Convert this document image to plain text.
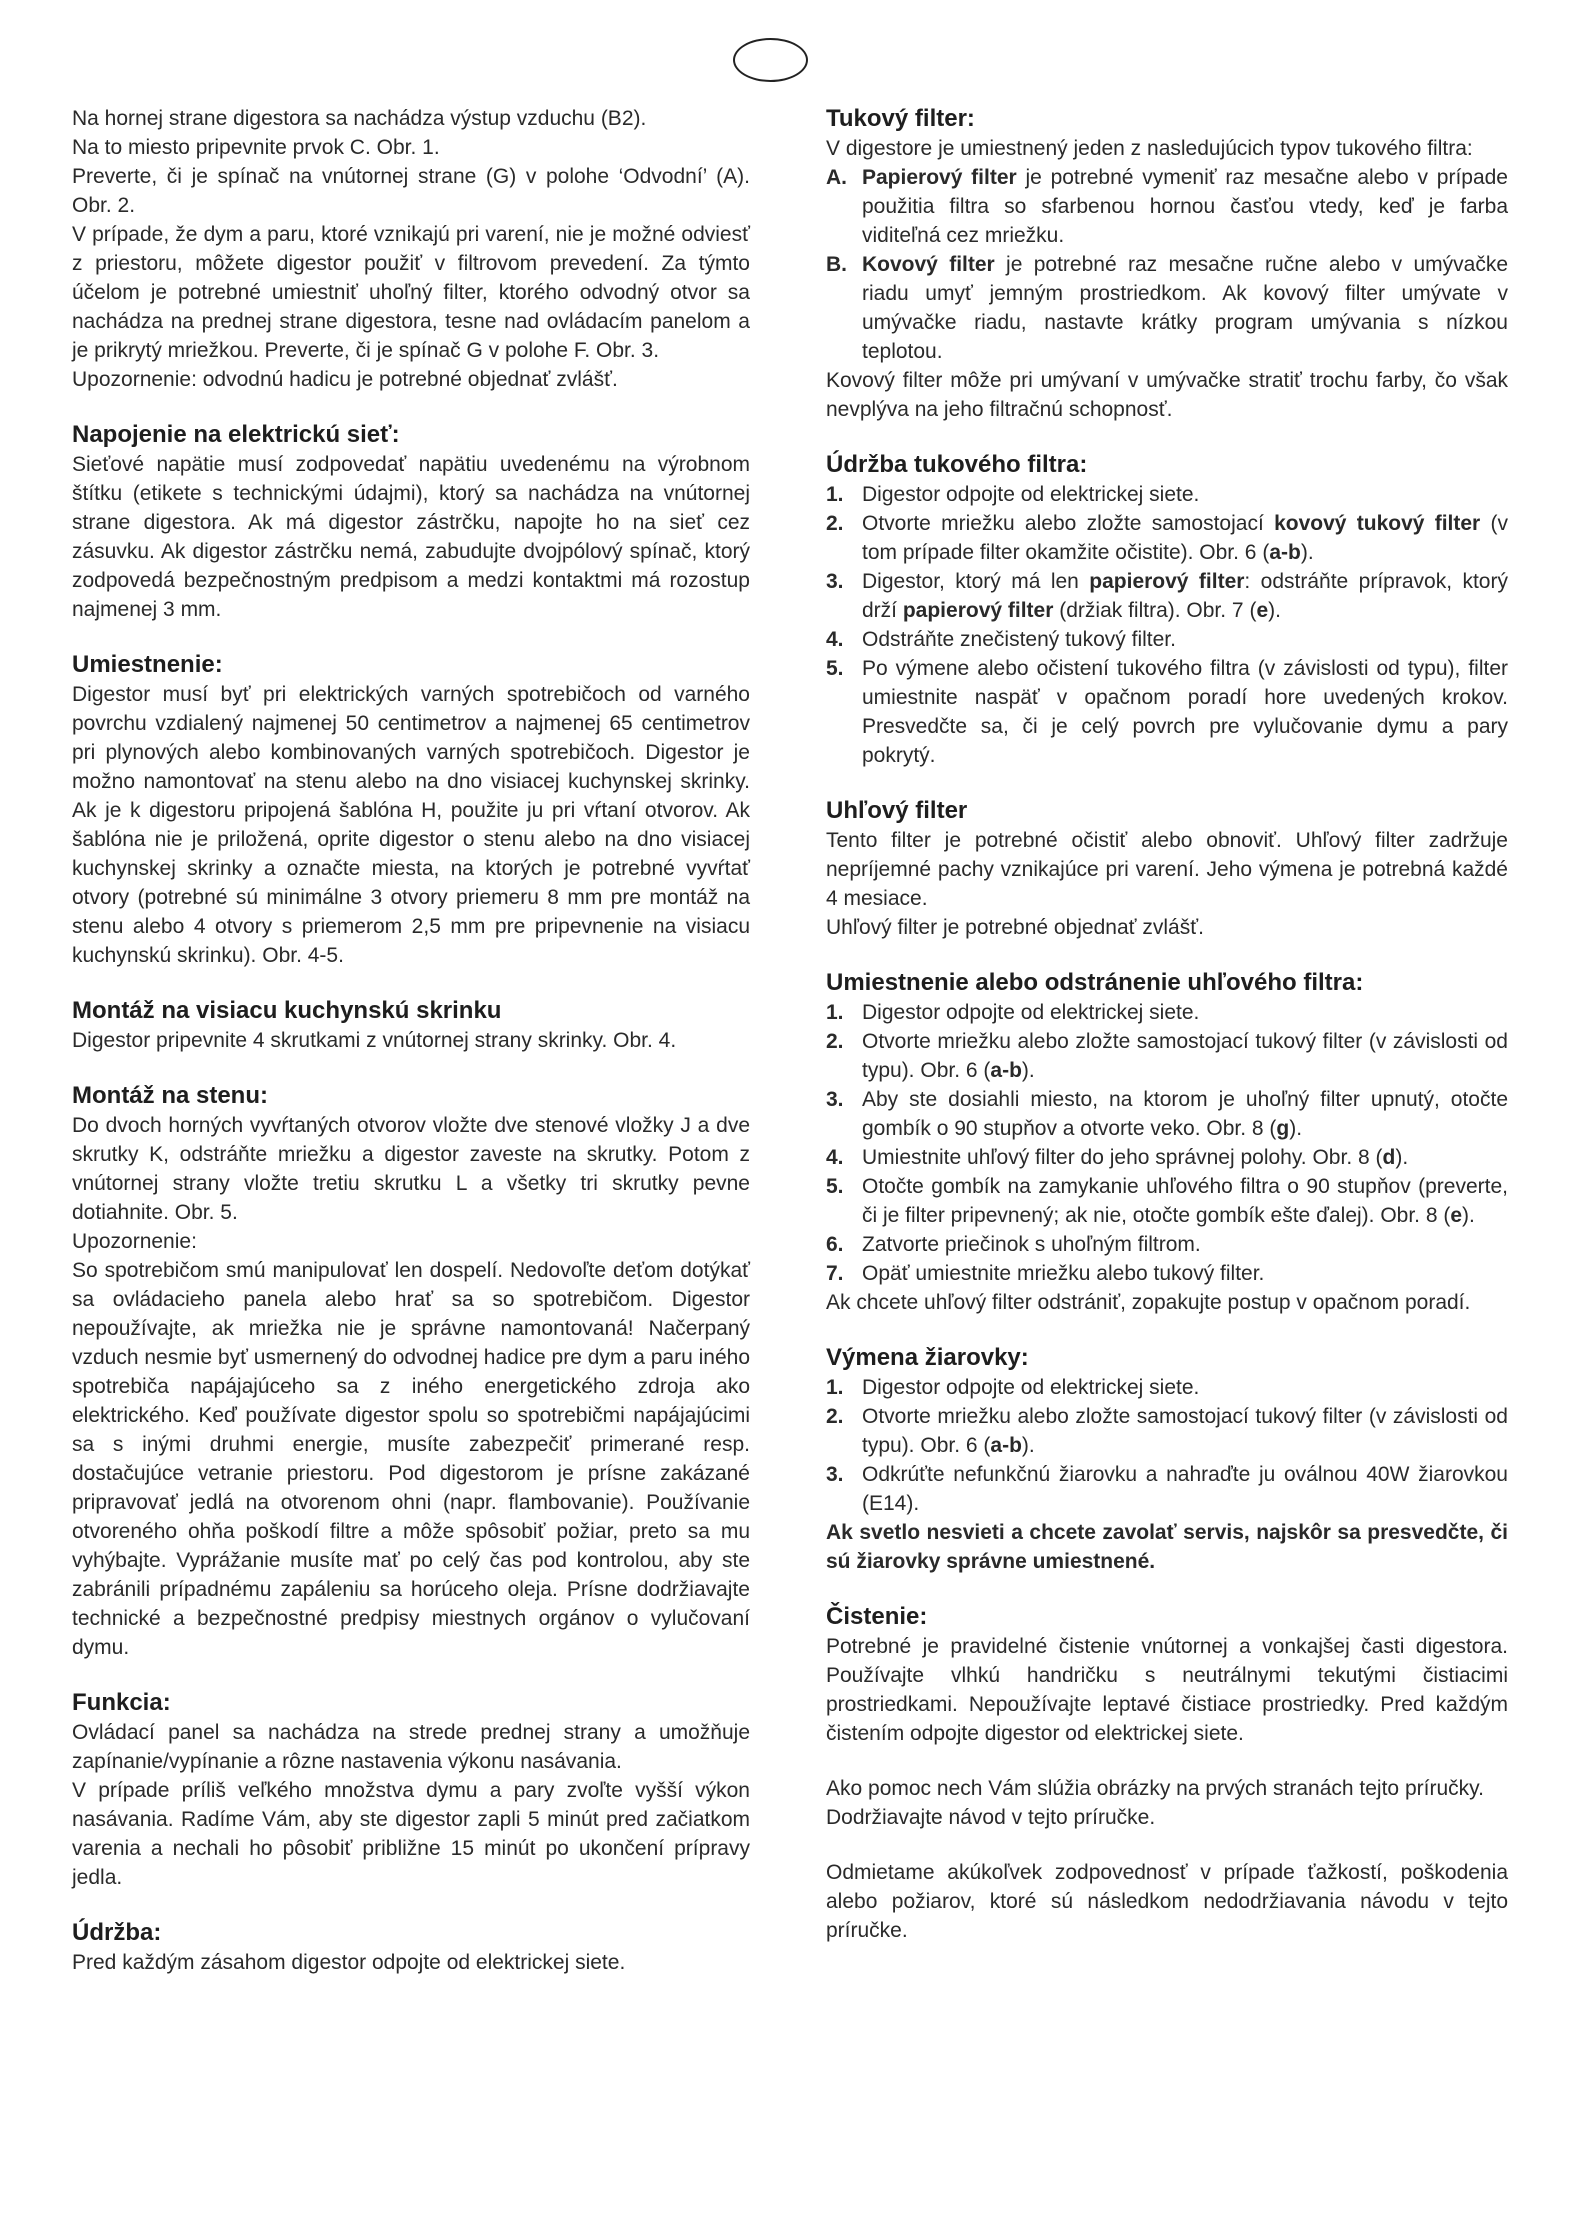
Na hornej strane digestora sa nachádza výstup vzduchu (B2).

Na to miesto pripevnite prvok C. Obr. 1.

Preverte, či je spínač na vnútornej strane (G) v polohe ‘Odvodní’ (A). Obr. 2.

V prípade, že dym a paru, ktoré vznikajú pri varení, nie je možné odviesť z priestoru, môžete digestor použiť v filtrovom prevedení. Za týmto účelom je potrebné umiestniť uhoľný filter, ktorého odvodný otvor sa nachádza na prednej strane digestora, tesne nad ovládacím panelom a je prikrytý mriežkou. Preverte, či je spínač G v polohe F. Obr. 3.

Upozornenie: odvodnú hadicu je potrebné objednať zvlášť.

Napojenie na elektrickú sieť:

Sieťové napätie musí zodpovedať napätiu uvedenému na výrobnom štítku (etikete s technickými údajmi), ktorý sa nachádza na vnútornej strane digestora. Ak má digestor zástrčku, napojte ho na sieť cez zásuvku. Ak digestor zástrčku nemá, zabudujte dvojpólový spínač, ktorý zodpovedá bezpečnostným predpisom a medzi kontaktmi má rozostup najmenej 3 mm.

Umiestnenie:

Digestor musí byť pri elektrických varných spotrebičoch od varného povrchu vzdialený najmenej 50 centimetrov a najmenej 65 centimetrov pri plynových alebo kombinovaných varných spotrebičoch. Digestor je možno namontovať na stenu alebo na dno visiacej kuchynskej skrinky. Ak je k digestoru pripojená šablóna H, použite ju pri vŕtaní otvorov. Ak šablóna nie je priložená, oprite digestor o stenu alebo na dno visiacej kuchynskej skrinky a označte miesta, na ktorých je potrebné vyvŕtať otvory (potrebné sú minimálne 3 otvory priemeru 8 mm pre montáž na stenu alebo 4 otvory s priemerom 2,5 mm pre pripevnenie na visiacu kuchynskú skrinku). Obr. 4-5.

Montáž na visiacu kuchynskú skrinku

Digestor pripevnite 4 skrutkami z vnútornej strany skrinky. Obr. 4.

Montáž na stenu:

Do dvoch horných vyvŕtaných otvorov vložte dve stenové vložky J a dve skrutky K, odstráňte mriežku a digestor zaveste na skrutky. Potom z vnútornej strany vložte tretiu skrutku L a všetky tri skrutky pevne dotiahnite. Obr. 5.

Upozornenie:

So spotrebičom smú manipulovať len dospelí. Nedovoľte deťom dotýkať sa ovládacieho panela alebo hrať sa so spotrebičom. Digestor nepoužívajte, ak mriežka nie je správne namontovaná! Načerpaný vzduch nesmie byť usmernený do odvodnej hadice pre dym a paru iného spotrebiča napájajúceho sa z iného energetického zdroja ako elektrického. Keď používate digestor spolu so spotrebičmi napájajúcimi sa s inými druhmi energie, musíte zabezpečiť primerané resp. dostačujúce vetranie priestoru. Pod digestorom je prísne zakázané pripravovať jedlá na otvorenom ohni (napr. flambovanie). Používanie otvoreného ohňa poškodí filtre a môže spôsobiť požiar, preto sa mu vyhýbajte. Vyprážanie musíte mať po celý čas pod kontrolou, aby ste zabránili prípadnému zapáleniu sa horúceho oleja. Prísne dodržiavajte technické a bezpečnostné predpisy miestnych orgánov o vylučovaní dymu.

Funkcia:

Ovládací panel sa nachádza na strede prednej strany a umožňuje zapínanie/vypínanie a rôzne nastavenia výkonu nasávania.

V prípade príliš veľkého množstva dymu a pary zvoľte vyšší výkon nasávania. Radíme Vám, aby ste digestor zapli 5 minút pred začiatkom varenia a nechali ho pôsobiť približne 15 minút po ukončení prípravy jedla.

Údržba:

Pred každým zásahom digestor odpojte od elektrickej siete.

Tukový filter:

V digestore je umiestnený jeden z nasledujúcich typov tukového filtra:

A. Papierový filter je potrebné vymeniť raz mesačne alebo v prípade použitia filtra so sfarbenou hornou časťou vtedy, keď je farba viditeľná cez mriežku.
B. Kovový filter je potrebné raz mesačne ručne alebo v umývačke riadu umyť jemným prostriedkom. Ak kovový filter umývate v umývačke riadu, nastavte krátky program umývania s nízkou teplotou.

Kovový filter môže pri umývaní v umývačke stratiť trochu farby, čo však nevplýva na jeho filtračnú schopnosť.

Údržba tukového filtra:
1. Digestor odpojte od elektrickej siete.
2. Otvorte mriežku alebo zložte samostojací kovový tukový filter (v tom prípade filter okamžite očistite). Obr. 6 (a-b).
3. Digestor, ktorý má len papierový filter: odstráňte prípravok, ktorý drží papierový filter (držiak filtra). Obr. 7 (e).
4. Odstráňte znečistený tukový filter.
5. Po výmene alebo očistení tukového filtra (v závislosti od typu), filter umiestnite naspäť v opačnom poradí hore uvedených krokov. Presvedčte sa, či je celý povrch pre vylučovanie dymu a pary pokrytý.
Uhľový filter

Tento filter je potrebné očistiť alebo obnoviť. Uhľový filter zadržuje nepríjemné pachy vznikajúce pri varení. Jeho výmena je potrebná každé 4 mesiace.

Uhľový filter je potrebné objednať zvlášť.

Umiestnenie alebo odstránenie uhľového filtra:
1. Digestor odpojte od elektrickej siete.
2. Otvorte mriežku alebo zložte samostojací tukový filter (v závislosti od typu). Obr. 6 (a-b).
3. Aby ste dosiahli miesto, na ktorom je uhoľný filter upnutý, otočte gombík o 90 stupňov a otvorte veko. Obr. 8 (g).
4. Umiestnite uhľový filter do jeho správnej polohy. Obr. 8 (d).
5. Otočte gombík na zamykanie uhľového filtra o 90 stupňov (preverte, či je filter pripevnený; ak nie, otočte gombík ešte ďalej). Obr. 8 (e).
6. Zatvorte priečinok s uhoľným filtrom.
7. Opäť umiestnite mriežku alebo tukový filter.

Ak chcete uhľový filter odstrániť, zopakujte postup v opačnom poradí.

Výmena žiarovky:
1. Digestor odpojte od elektrickej siete.
2. Otvorte mriežku alebo zložte samostojací tukový filter (v závislosti od typu). Obr. 6 (a-b).
3. Odkrúťte nefunkčnú žiarovku a nahraďte ju oválnou 40W žiarovkou (E14).

Ak svetlo nesvieti a chcete zavolať servis, najskôr sa presvedčte, či sú žiarovky správne umiestnené.

Čistenie:

Potrebné je pravidelné čistenie vnútornej a vonkajšej časti digestora. Používajte vlhkú handričku s neutrálnymi tekutými čistiacimi prostriedkami. Nepoužívajte leptavé čistiace prostriedky. Pred každým čistením odpojte digestor od elektrickej siete.

Ako pomoc nech Vám slúžia obrázky na prvých stranách tejto príručky.

Dodržiavajte návod v tejto príručke.

Odmietame akúkoľvek zodpovednosť v prípade ťažkostí, poškodenia alebo požiarov, ktoré sú následkom nedodržiavania návodu v tejto príručke.
